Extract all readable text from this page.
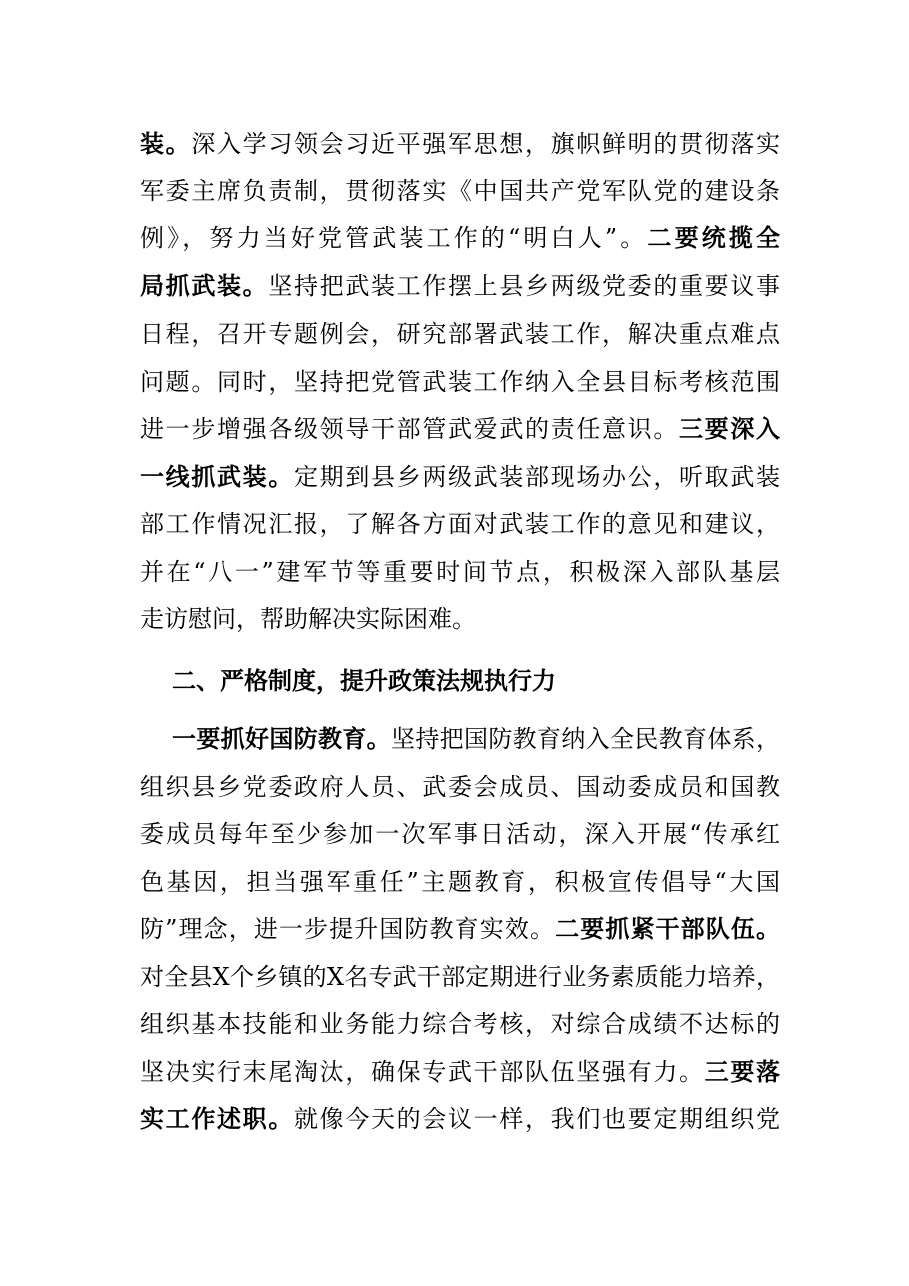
装。深入学习领会习近平强军思想，旗帜鲜明的贯彻落实
军委主席负责制，贯彻落实《中国共产党军队党的建设条
例》，努力当好党管武装工作的“明白人”。二要统揽全
局抓武装。坚持把武装工作摆上县乡两级党委的重要议事
日程，召开专题例会，研究部署武装工作，解决重点难点
问题。同时，坚持把党管武装工作纳入全县目标考核范围
进一步增强各级领导干部管武爱武的责任意识。三要深入
一线抓武装。定期到县乡两级武装部现场办公，听取武装
部工作情况汇报，了解各方面对武装工作的意见和建议，
并在“八一”建军节等重要时间节点，积极深入部队基层
走访慰问，帮助解决实际困难。
二、严格制度，提升政策法规执行力
一要抓好国防教育。坚持把国防教育纳入全民教育体系，
组织县乡党委政府人员、武委会成员、国动委成员和国教
委成员每年至少参加一次军事日活动，深入开展“传承红
色基因，担当强军重任”主题教育，积极宣传倡导“大国
防”理念，进一步提升国防教育实效。二要抓紧干部队伍。
对全县X个乡镇的X名专武干部定期进行业务素质能力培养，
组织基本技能和业务能力综合考核，对综合成绩不达标的
坚决实行末尾淘汰，确保专武干部队伍坚强有力。三要落
实工作述职。就像今天的会议一样，我们也要定期组织党
